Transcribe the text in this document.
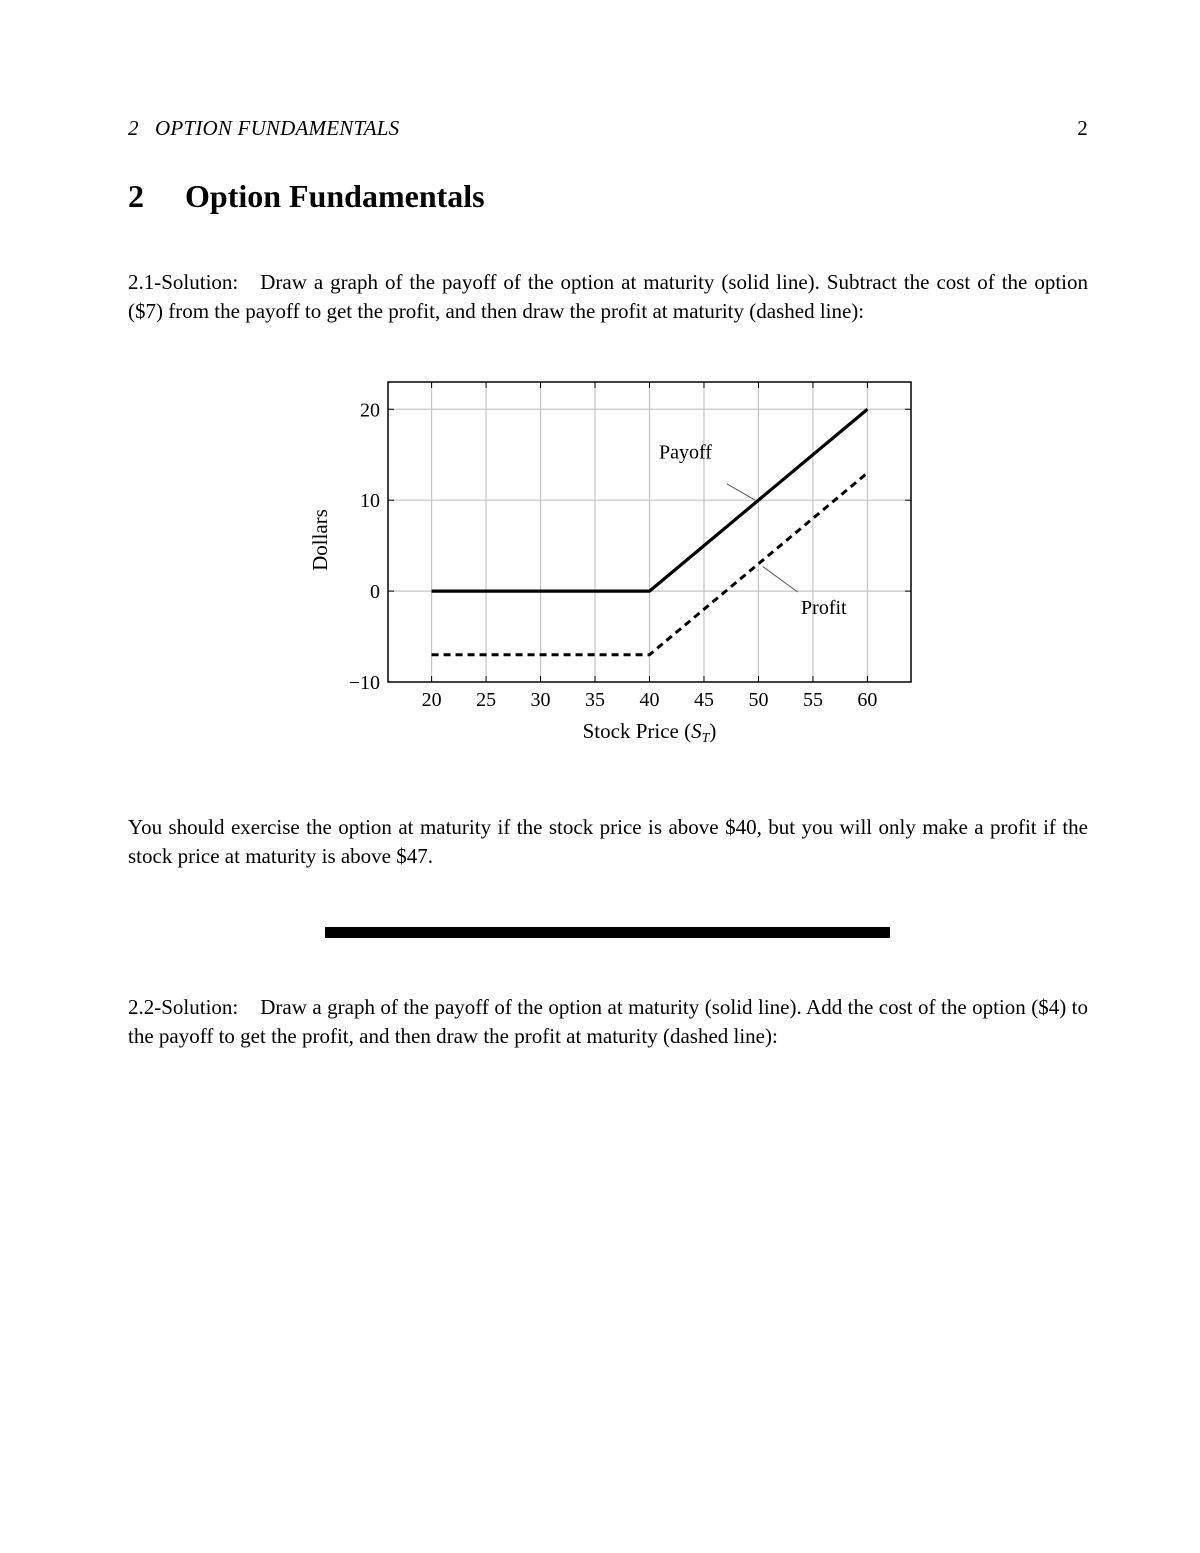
2   OPTION FUNDAMENTALS	2
2 Option Fundamentals

2.1-Solution: Draw a graph of the payoff of the option at maturity (solid line). Subtract the cost of the option ($7) from the payoff to get the profit, and then draw the profit at maturity (dashed line):

20 25 30 35 40 45 50 55 60
−10
0
10
20
Stock Price (ST)
Dollars
Payoff
Profit

You should exercise the option at maturity if the stock price is above $40, but you will only make a profit if the stock price at maturity is above $47.

2.2-Solution: Draw a graph of the payoff of the option at maturity (solid line). Add the cost of the option ($4) to the payoff to get the profit, and then draw the profit at maturity (dashed line):
